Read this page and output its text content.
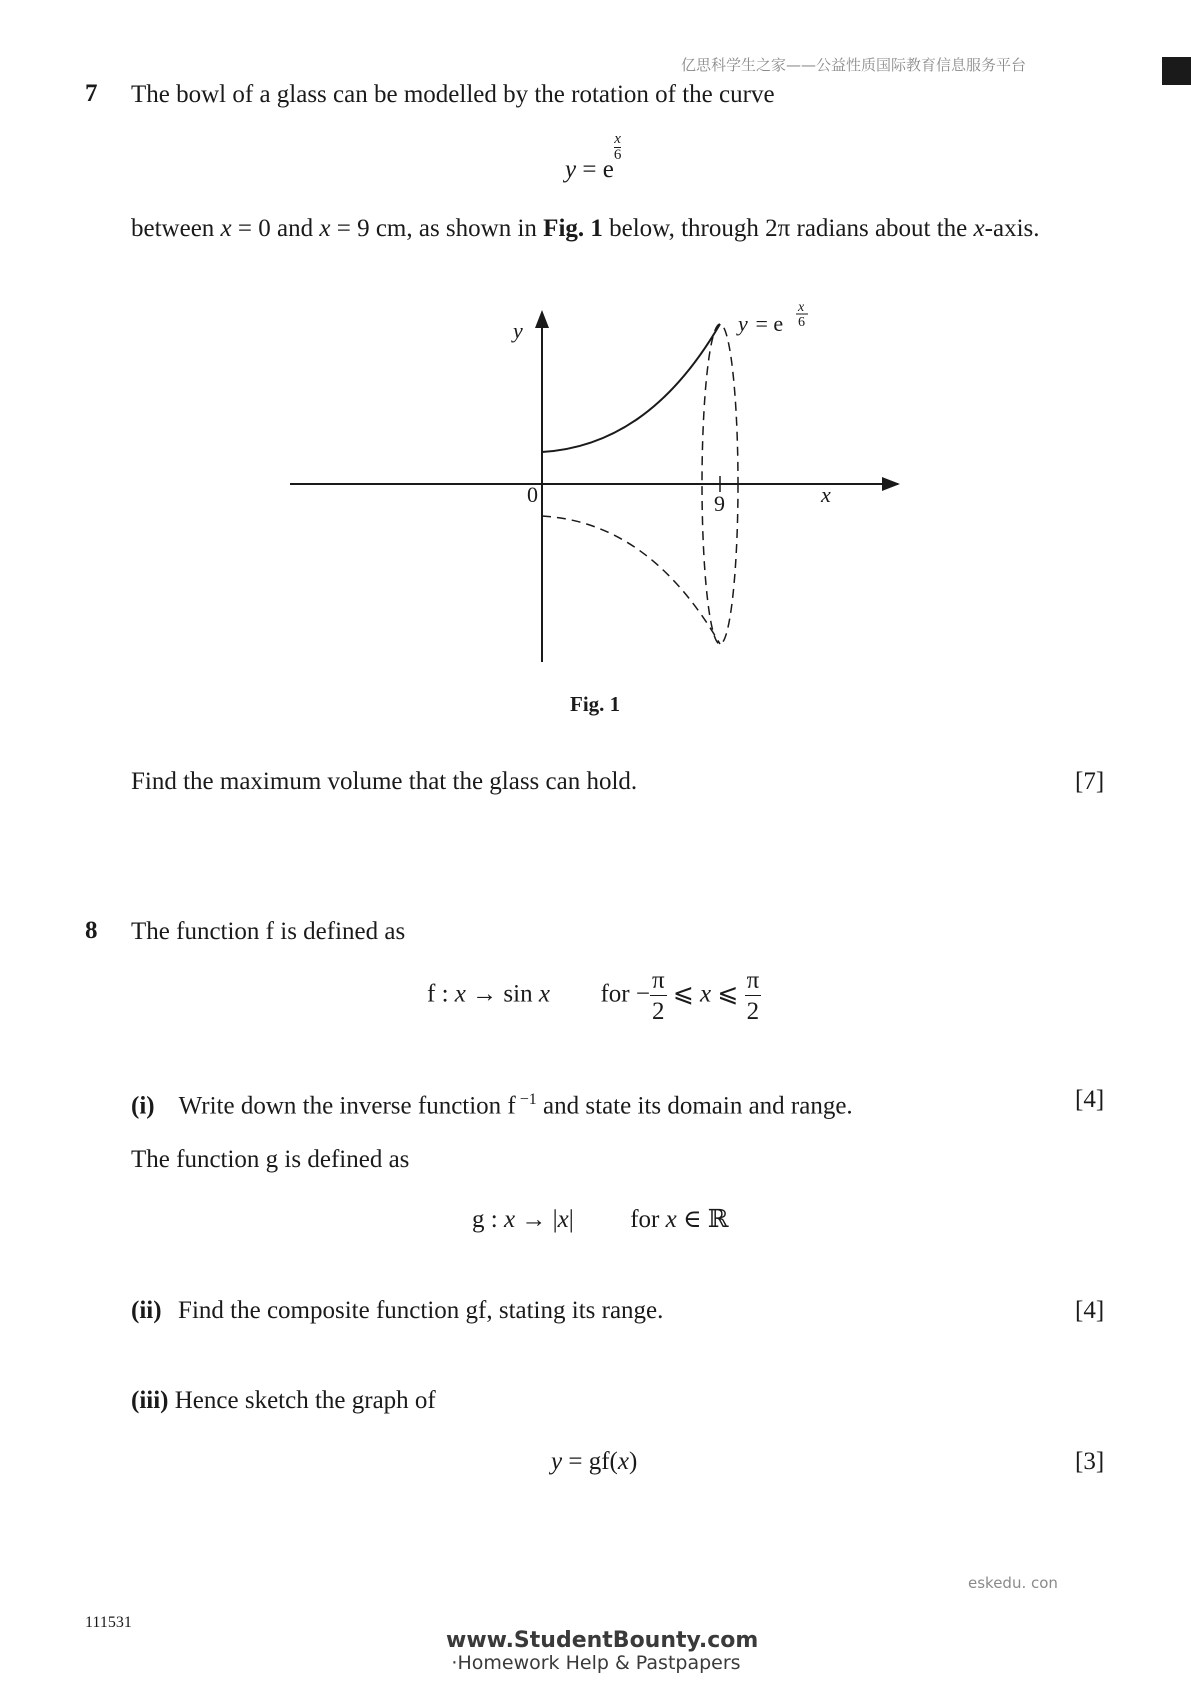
亿思科学生之家——公益性质国际教育信息服务平台
7 The bowl of a glass can be modelled by the rotation of the curve
y = e
$\frac{x}{6}$
between x = 0 and x = 9 cm, as shown in Fig. 1 below, through 2π radians about the x-axis.
y
x
0	9
y = e
x
6
Fig. 1
Find the maximum volume that the glass can hold.	[7]
8 The function f is defined as
f : x → sin x for − $\frac{\pi}{2}$ ⩽ x ⩽ $\frac{\pi}{2}$
(i) Write down the inverse function f $^{-1}$ and state its domain and range.	[4]
The function g is defined as
g : x → |x| for x ∈ ℝ
(ii) Find the composite function gf, stating its range.	[4]
(iii) Hence sketch the graph of
y = gf(x)	[3]
eskedu. con
111531
www.StudentBounty.com
·Homework Help & Pastpapers
